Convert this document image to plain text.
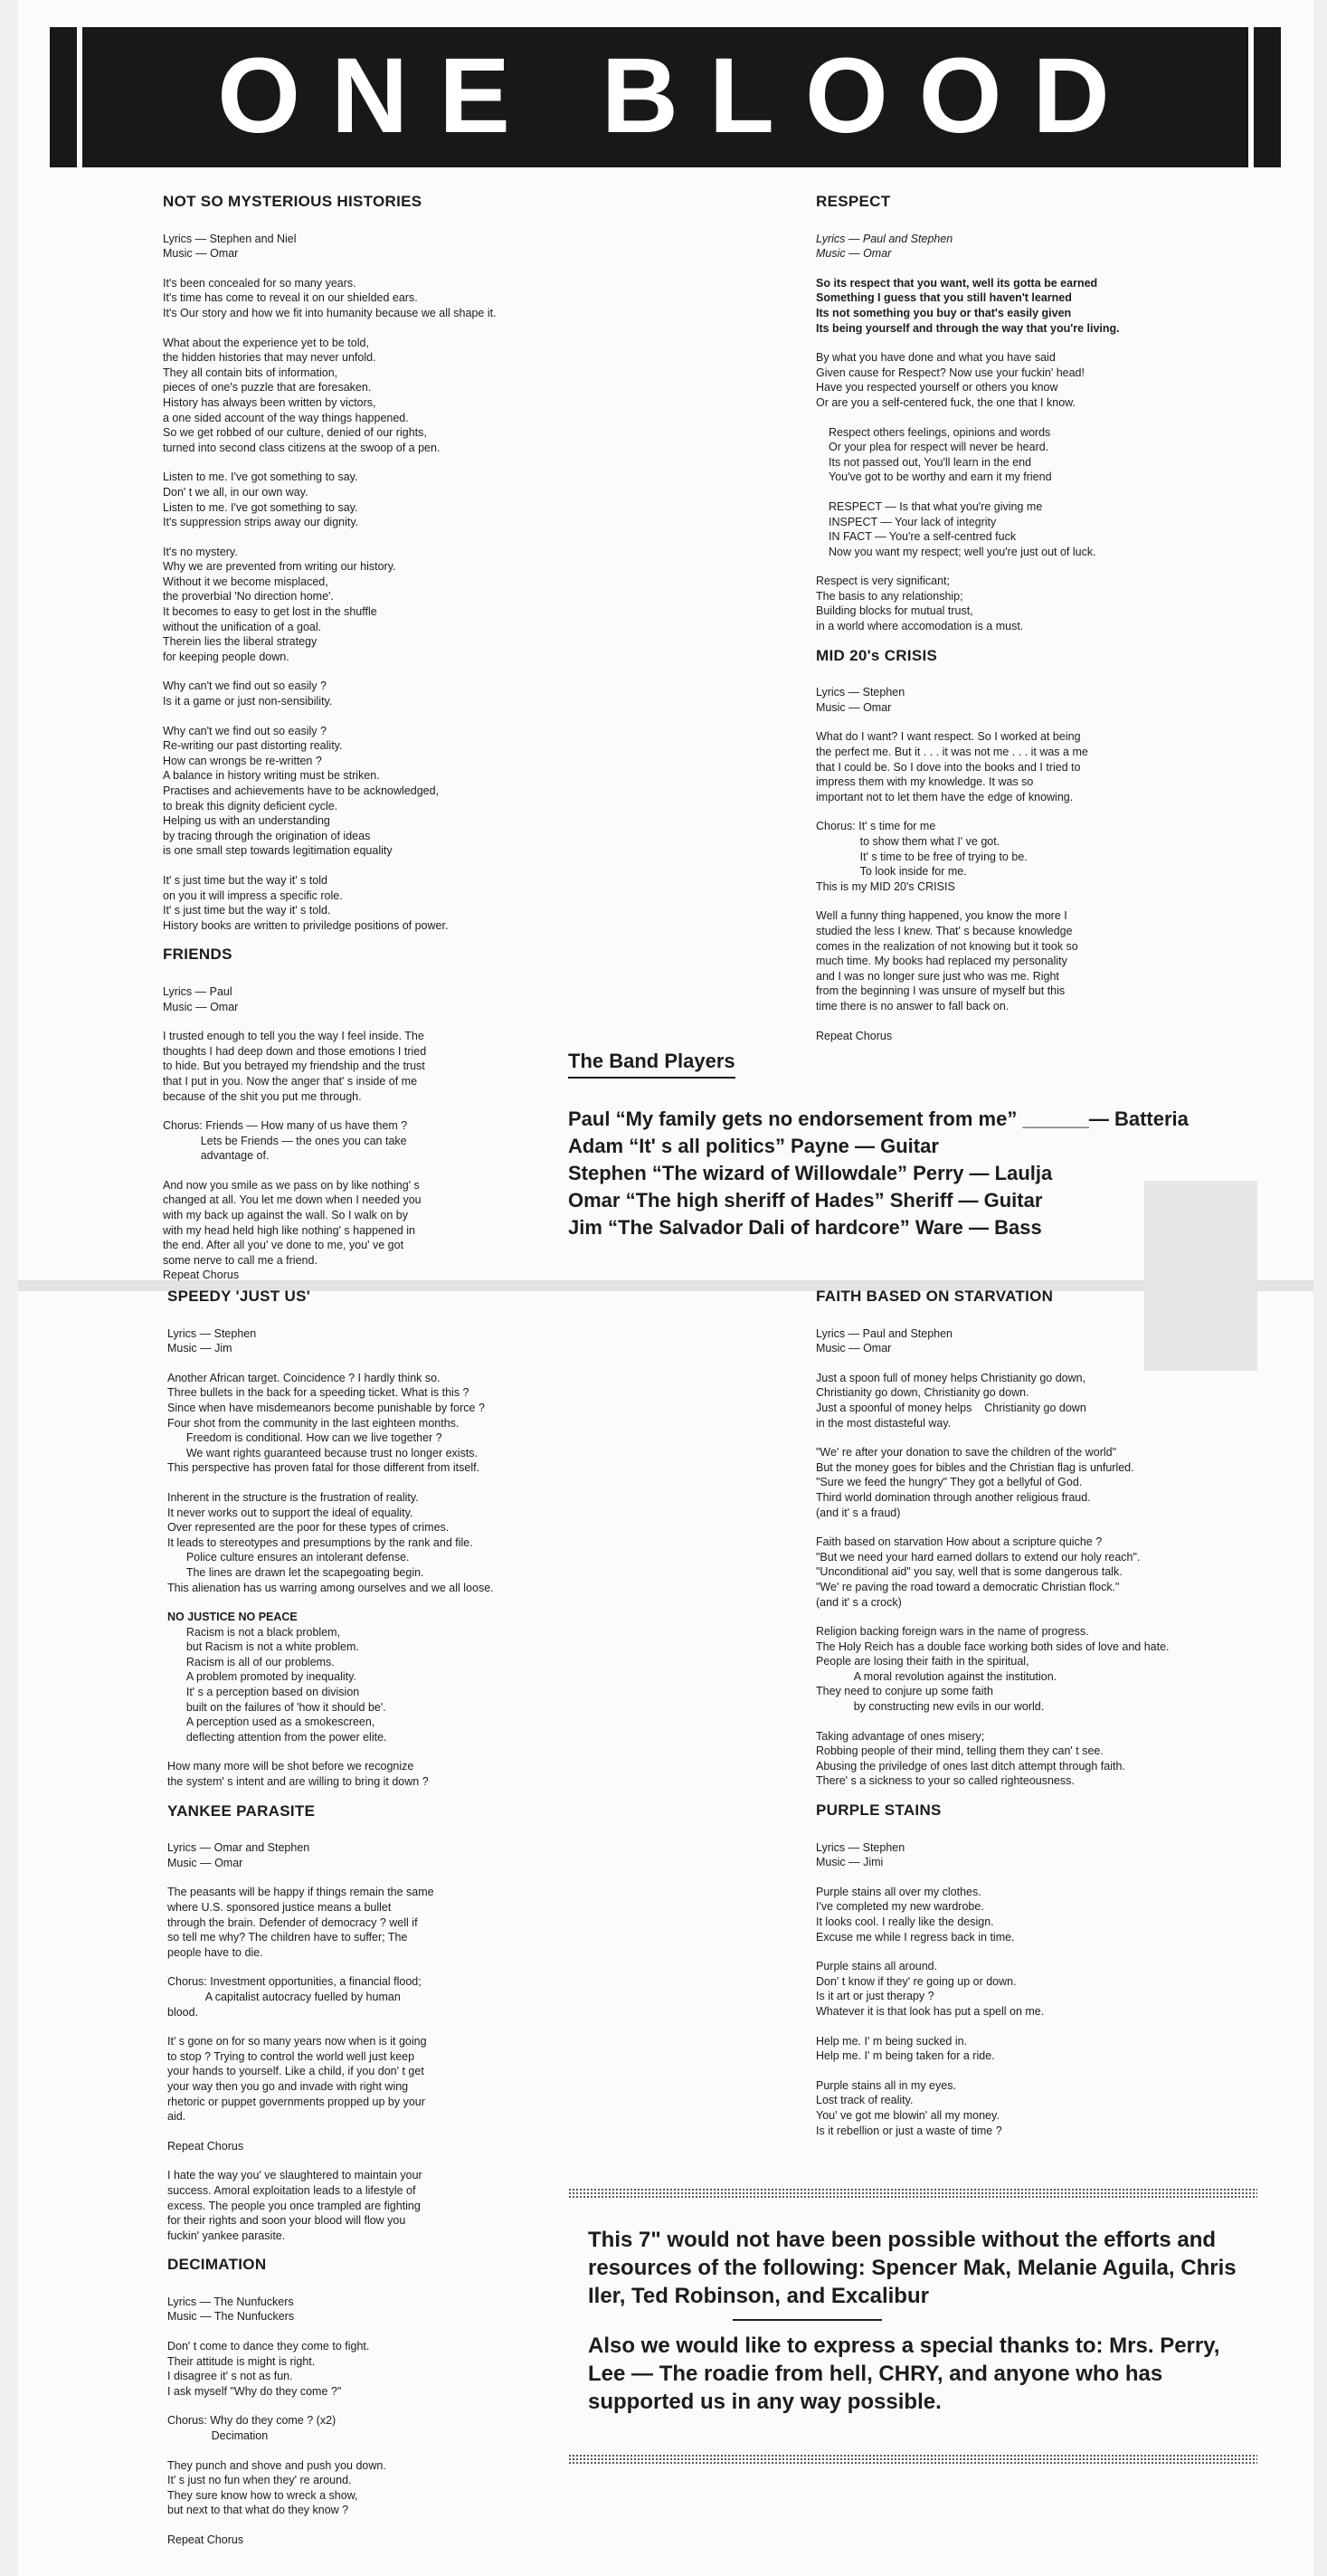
ONE BLOOD
NOT SO MYSTERIOUS HISTORIES

Lyrics — Stephen and Niel
Music — Omar

It's been concealed for so many years.
It's time has come to reveal it on our shielded ears.
It's Our story and how we fit into humanity because we all shape it.

What about the experience yet to be told,
the hidden histories that may never unfold.
They all contain bits of information,
pieces of one's puzzle that are foresaken.
History has always been written by victors,
a one sided account of the way things happened.
So we get robbed of our culture, denied of our rights,
turned into second class citizens at the swoop of a pen.

Listen to me. I've got something to say.
Don' t we all, in our own way.
Listen to me. I've got something to say.
It's suppression strips away our dignity.

It's no mystery.
Why we are prevented from writing our history.
Without it we become misplaced,
the proverbial 'No direction home'.
It becomes to easy to get lost in the shuffle
without the unification of a goal.
Therein lies the liberal strategy
for keeping people down.

Why can't we find out so easily ?
Is it a game or just non-sensibility.

Why can't we find out so easily ?
Re-writing our past distorting reality.
How can wrongs be re-written ?
A balance in history writing must be striken.
Practises and achievements have to be acknowledged,
to break this dignity deficient cycle.
Helping us with an understanding
by tracing through the origination of ideas
is one small step towards legitimation equality

It' s just time but the way it' s told
on you it will impress a specific role.
It' s just time but the way it' s told.
History books are written to priviledge positions of power.

FRIENDS

Lyrics — Paul
Music — Omar

I trusted enough to tell you the way I feel inside. The
thoughts I had deep down and those emotions I tried
to hide. But you betrayed my friendship and the trust
that I put in you. Now the anger that' s inside of me
because of the shit you put me through.

Chorus: Friends — How many of us have them ?
Lets be Friends — the ones you can take
advantage of.

And now you smile as we pass on by like nothing' s
changed at all. You let me down when I needed you
with my back up against the wall. So I walk on by
with my head held high like nothing' s happened in
the end. After all you' ve done to me, you' ve got
some nerve to call me a friend.
Repeat Chorus

RESPECT

Lyrics — Paul and Stephen
Music — Omar

So its respect that you want, well its gotta be earned
Something I guess that you still haven't learned
Its not something you buy or that's easily given
Its being yourself and through the way that you're living.

By what you have done and what you have said
Given cause for Respect? Now use your fuckin' head!
Have you respected yourself or others you know
Or are you a self-centered fuck, the one that I know.

Respect others feelings, opinions and words
Or your plea for respect will never be heard.
Its not passed out, You'll learn in the end
You've got to be worthy and earn it my friend

RESPECT — Is that what you're giving me
INSPECT — Your lack of integrity
IN FACT — You're a self-centred fuck
Now you want my respect; well you're just out of luck.

Respect is very significant;
The basis to any relationship;
Building blocks for mutual trust,
in a world where accomodation is a must.

MID 20's CRISIS

Lyrics — Stephen
Music — Omar

What do I want? I want respect. So I worked at being
the perfect me. But it . . . it was not me . . . it was a me
that I could be. So I dove into the books and I tried to
impress them with my knowledge. It was so
important not to let them have the edge of knowing.

Chorus: It' s time for me
to show them what I' ve got.
It' s time to be free of trying to be.
To look inside for me.
This is my MID 20's CRISIS

Well a funny thing happened, you know the more I
studied the less I knew. That' s because knowledge
comes in the realization of not knowing but it took so
much time. My books had replaced my personality
and I was no longer sure just who was me. Right
from the beginning I was unsure of myself but this
time there is no answer to fall back on.

Repeat Chorus

The Band Players
Paul “My family gets no endorsement from me” ______— Batteria
Adam “It' s all politics” Payne — Guitar
Stephen “The wizard of Willowdale” Perry — Laulja
Omar “The high sheriff of Hades” Sheriff — Guitar
Jim “The Salvador Dali of hardcore” Ware — Bass
SPEEDY 'JUST US'

Lyrics — Stephen
Music — Jim

Another African target. Coincidence ? I hardly think so.
Three bullets in the back for a speeding ticket. What is this ?
Since when have misdemeanors become punishable by force ?
Four shot from the community in the last eighteen months.
Freedom is conditional. How can we live together ?
We want rights guaranteed because trust no longer exists.
This perspective has proven fatal for those different from itself.

Inherent in the structure is the frustration of reality.
It never works out to support the ideal of equality.
Over represented are the poor for these types of crimes.
It leads to stereotypes and presumptions by the rank and file.
Police culture ensures an intolerant defense.
The lines are drawn let the scapegoating begin.
This alienation has us warring among ourselves and we all loose.

NO JUSTICE NO PEACE

Racism is not a black problem,
but Racism is not a white problem.
Racism is all of our problems.
A problem promoted by inequality.
It' s a perception based on division
built on the failures of 'how it should be'.
A perception used as a smokescreen,
deflecting attention from the power elite.

How many more will be shot before we recognize
the system' s intent and are willing to bring it down ?

YANKEE PARASITE

Lyrics — Omar and Stephen
Music — Omar

The peasants will be happy if things remain the same
where U.S. sponsored justice means a bullet
through the brain. Defender of democracy ? well if
so tell me why? The children have to suffer; The
people have to die.

Chorus: Investment opportunities, a financial flood;
A capitalist autocracy fuelled by human
blood.

It' s gone on for so many years now when is it going
to stop ? Trying to control the world well just keep
your hands to yourself. Like a child, if you don' t get
your way then you go and invade with right wing
rhetoric or puppet governments propped up by your
aid.

Repeat Chorus

I hate the way you' ve slaughtered to maintain your
success. Amoral exploitation leads to a lifestyle of
excess. The people you once trampled are fighting
for their rights and soon your blood will flow you
fuckin' yankee parasite.

DECIMATION

Lyrics — The Nunfuckers
Music — The Nunfuckers

Don' t come to dance they come to fight.
Their attitude is might is right.
I disagree it' s not as fun.
I ask myself "Why do they come ?"

Chorus: Why do they come ? (x2)
Decimation

They punch and shove and push you down.
It' s just no fun when they' re around.
They sure know how to wreck a show,
but next to that what do they know ?

Repeat Chorus

FAITH BASED ON STARVATION

Lyrics — Paul and Stephen
Music — Omar

Just a spoon full of money helps Christianity go down,
Christianity go down, Christianity go down.
Just a spoonful of money helps    Christianity go down
in the most distasteful way.

"We' re after your donation to save the children of the world"
But the money goes for bibles and the Christian flag is unfurled.
"Sure we feed the hungry" They got a bellyful of God.
Third world domination through another religious fraud.
(and it' s a fraud)

Faith based on starvation How about a scripture quiche ?
"But we need your hard earned dollars to extend our holy reach".
"Unconditional aid" you say, well that is some dangerous talk.
"We' re paving the road toward a democratic Christian flock."
(and it' s a crock)

Religion backing foreign wars in the name of progress.
The Holy Reich has a double face working both sides of love and hate.
People are losing their faith in the spiritual,
A moral revolution against the institution.
They need to conjure up some faith
by constructing new evils in our world.

Taking advantage of ones misery;
Robbing people of their mind, telling them they can' t see.
Abusing the priviledge of ones last ditch attempt through faith.
There' s a sickness to your so called righteousness.

PURPLE STAINS

Lyrics — Stephen
Music — Jimi

Purple stains all over my clothes.
I've completed my new wardrobe.
It looks cool. I really like the design.
Excuse me while I regress back in time.

Purple stains all around.
Don' t know if they' re going up or down.
Is it art or just therapy ?
Whatever it is that look has put a spell on me.

Help me. I' m being sucked in.
Help me. I' m being taken for a ride.

Purple stains all in my eyes.
Lost track of reality.
You' ve got me blowin' all my money.
Is it rebellion or just a waste of time ?

This 7" would not have been possible without the efforts and resources of the following: Spencer Mak, Melanie Aguila, Chris Iler, Ted Robinson, and Excalibur

Also we would like to express a special thanks to: Mrs. Perry, Lee — The roadie from hell, CHRY, and anyone who has supported us in any way possible.
